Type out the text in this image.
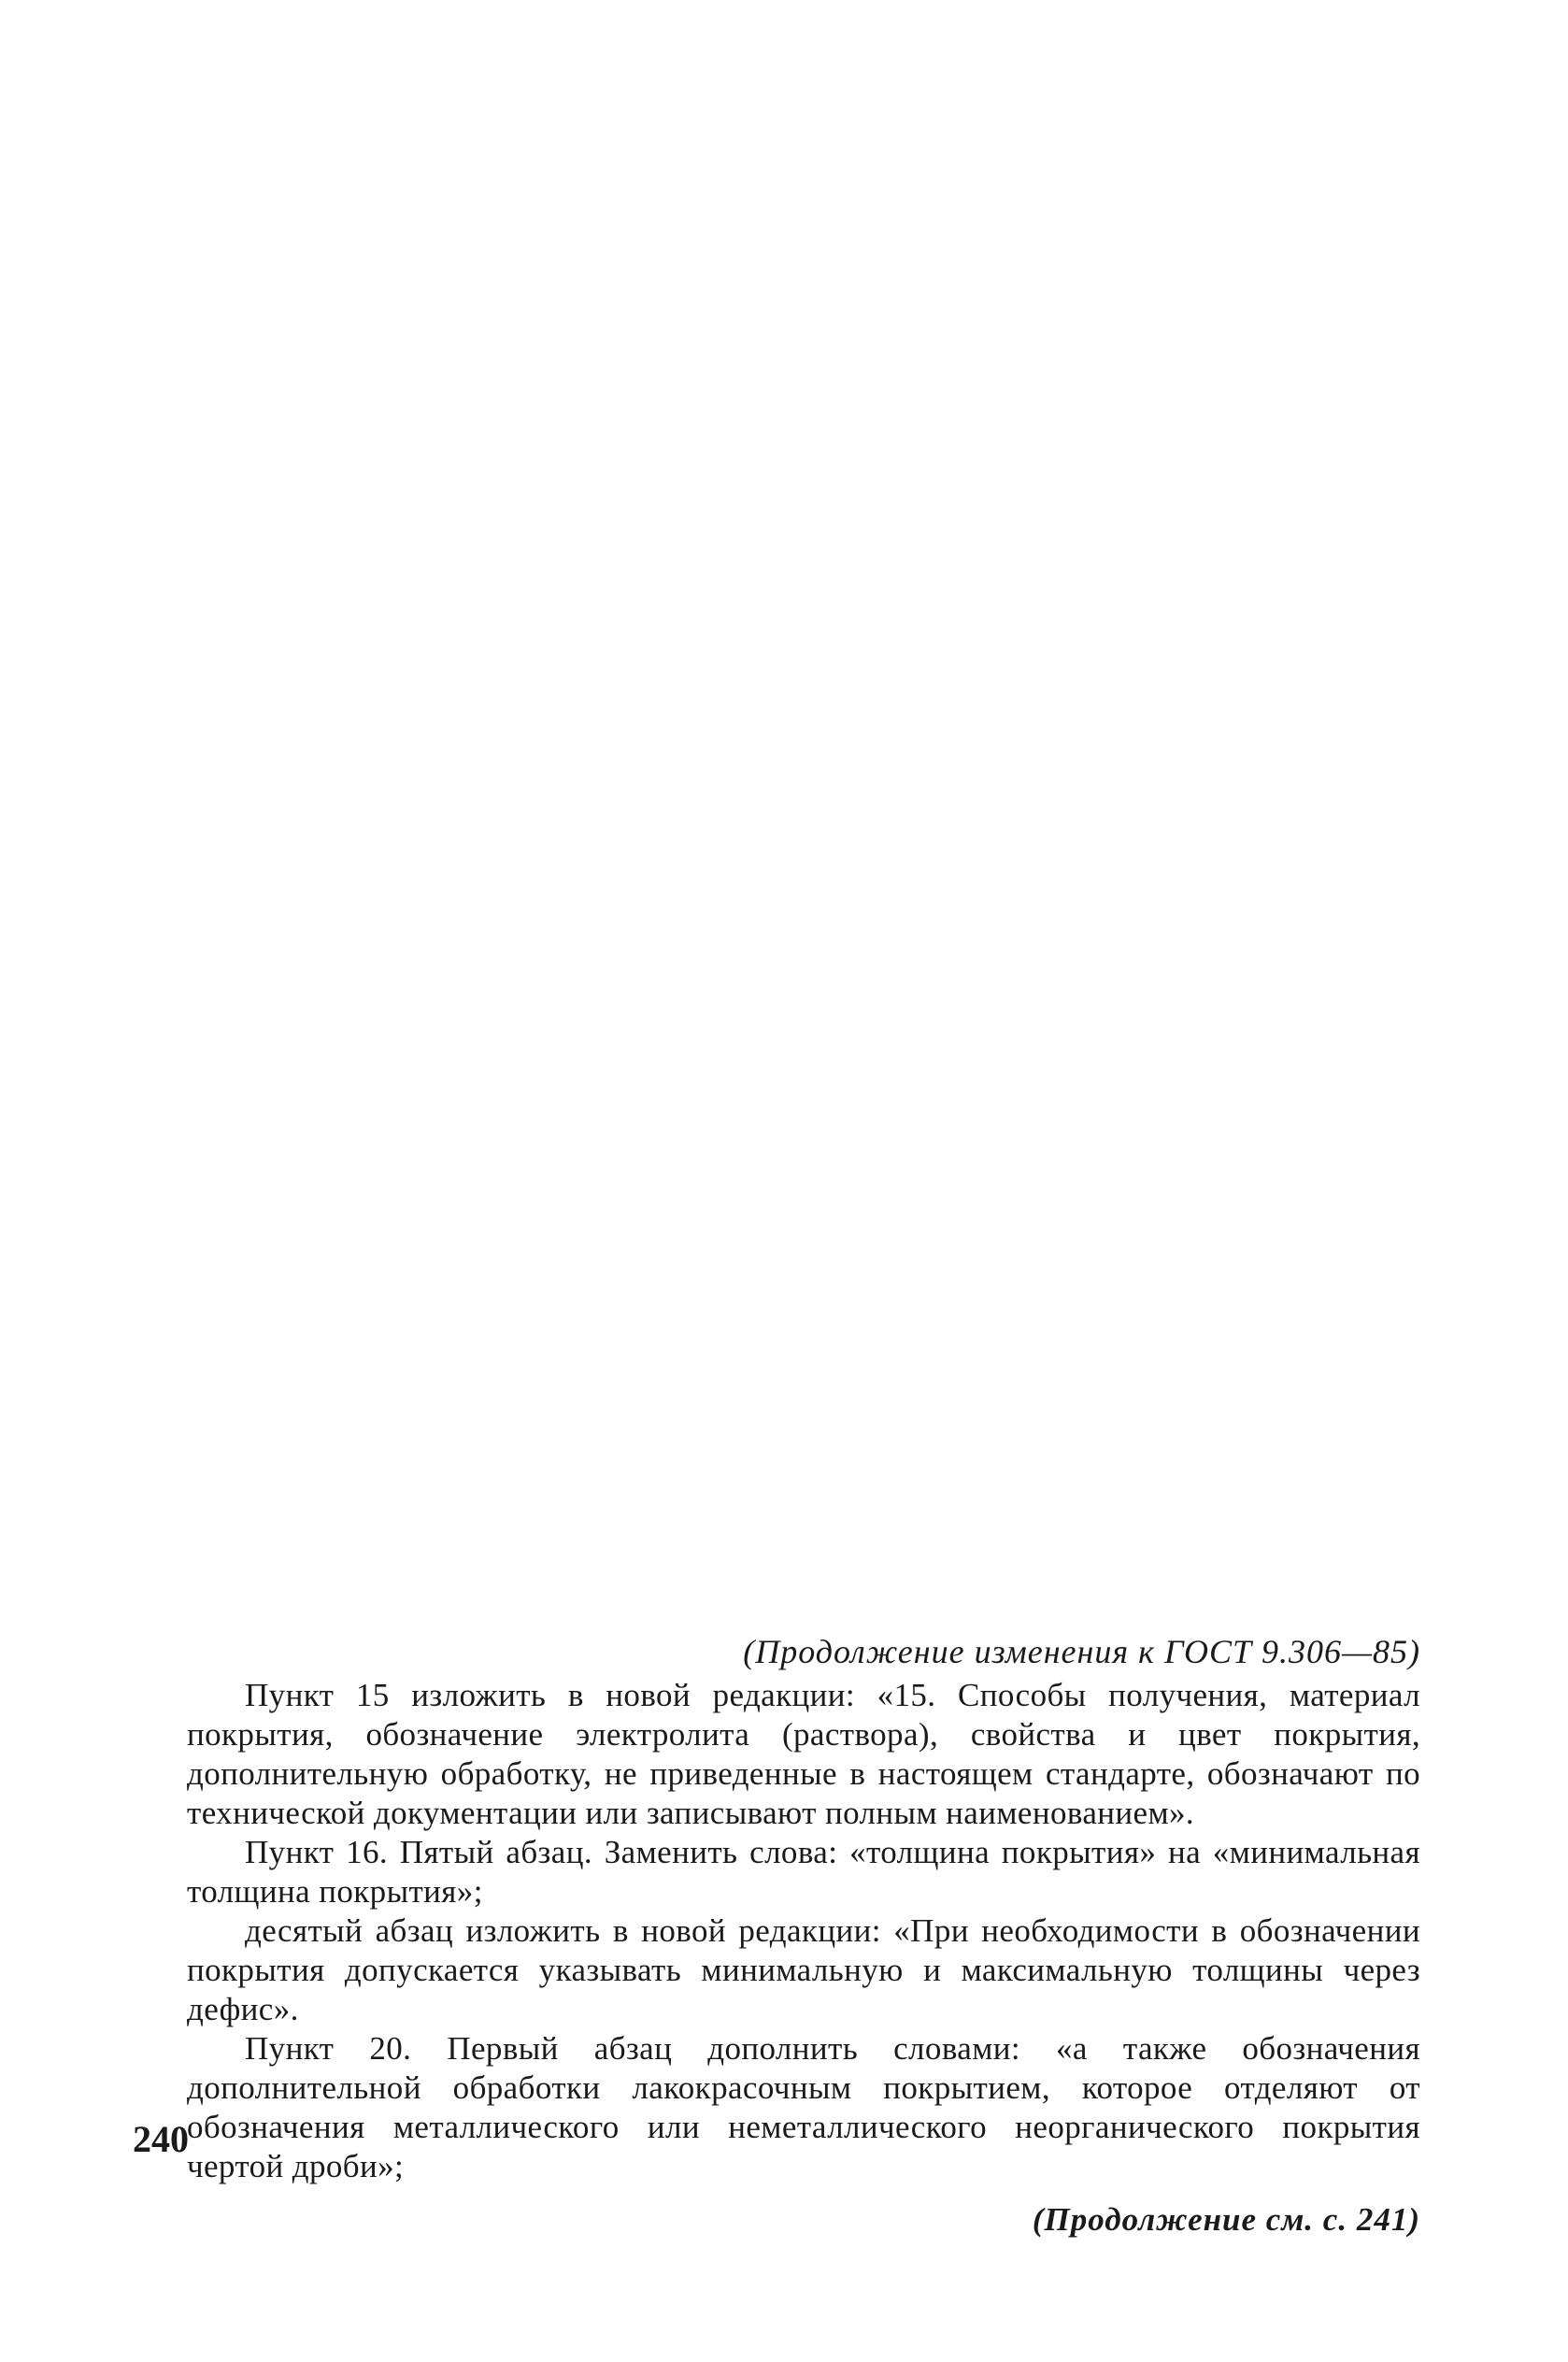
(Продолжение изменения к ГОСТ 9.306—85)

Пункт 15 изложить в новой редакции: «15. Способы получения, материал покрытия, обозначение электролита (раствора), свойства и цвет покрытия, дополнительную обработку, не приведенные в настоящем стандарте, обозначают по технической документации или записывают полным наименованием».

Пункт 16. Пятый абзац. Заменить слова: «толщина покрытия» на «минимальная толщина покрытия»;

десятый абзац изложить в новой редакции: «При необходимости в обозначении покрытия допускается указывать минимальную и максимальную толщины через дефис».

Пункт 20. Первый абзац дополнить словами: «а также обозначения дополнительной обработки лакокрасочным покрытием, которое отделяют от обозначения металлического или неметаллического неорганического покрытия чертой дроби»;

(Продолжение см. с. 241)
240
